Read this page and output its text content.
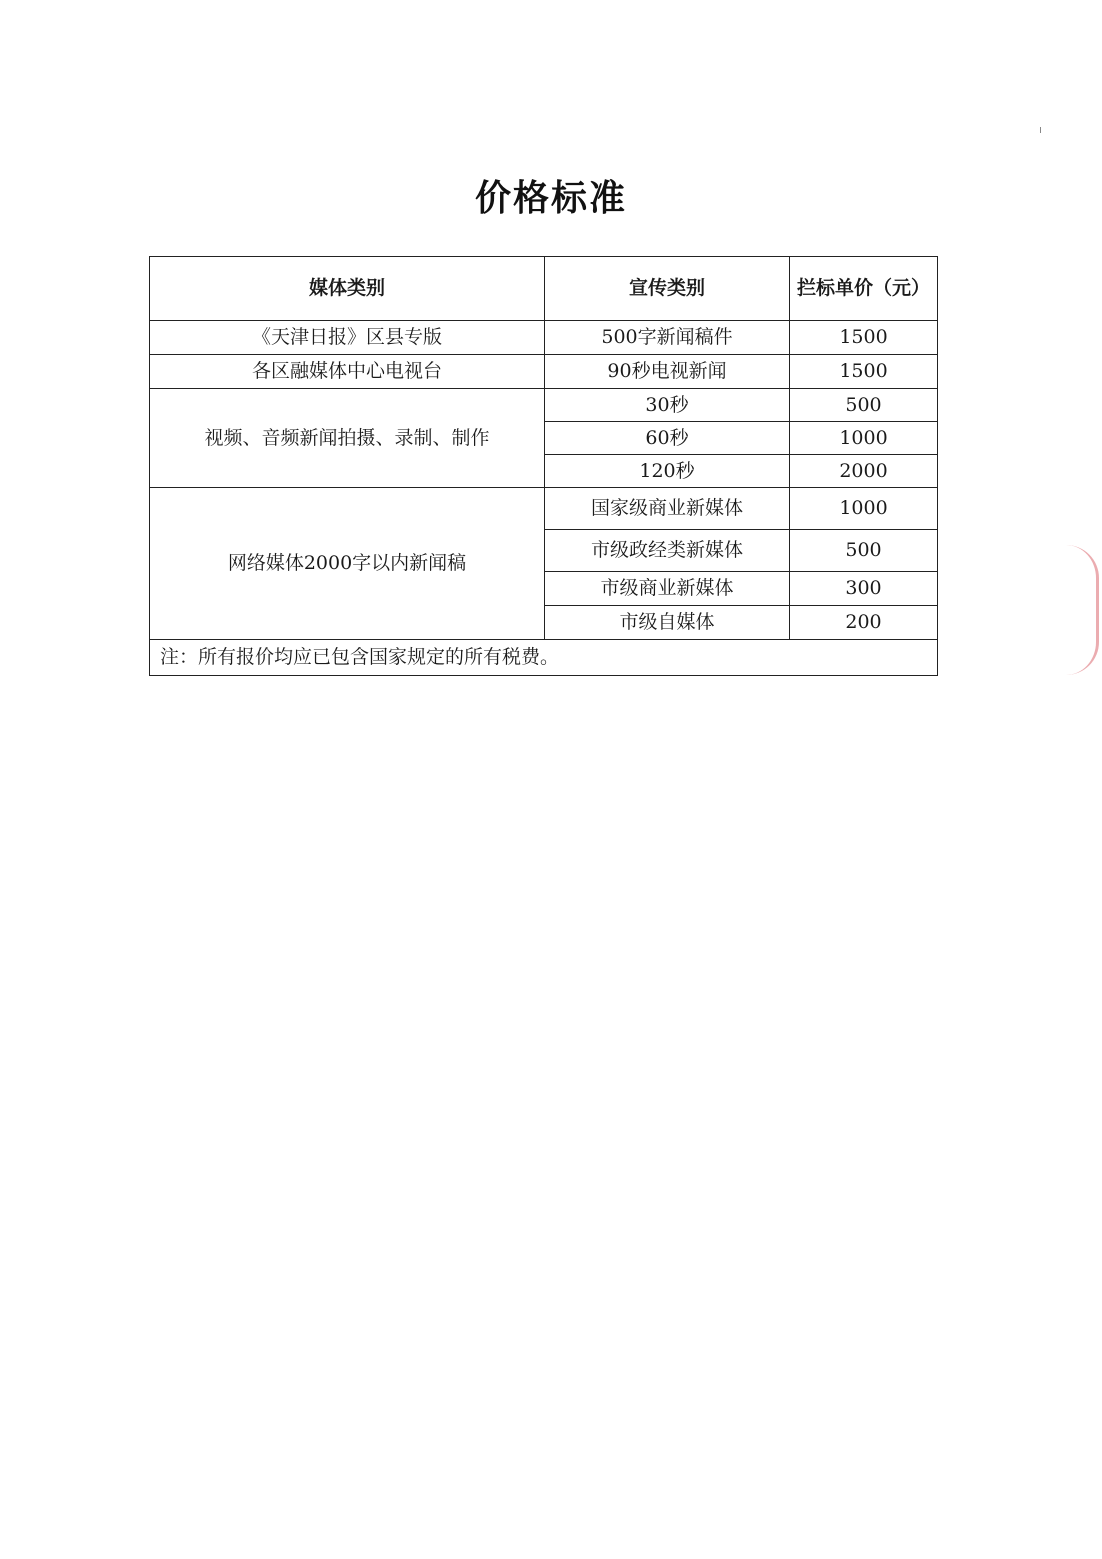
价格标准
媒体类别	宣传类别	拦标单价（元）
《天津日报》区县专版	500字新闻稿件	1500
各区融媒体中心电视台	90秒电视新闻	1500
视频、音频新闻拍摄、录制、制作	30秒	500
	60秒	1000
	120秒	2000
网络媒体2000字以内新闻稿	国家级商业新媒体	1000
	市级政经类新媒体	500
	市级商业新媒体	300
	市级自媒体	200
注：所有报价均应已包含国家规定的所有税费。		
